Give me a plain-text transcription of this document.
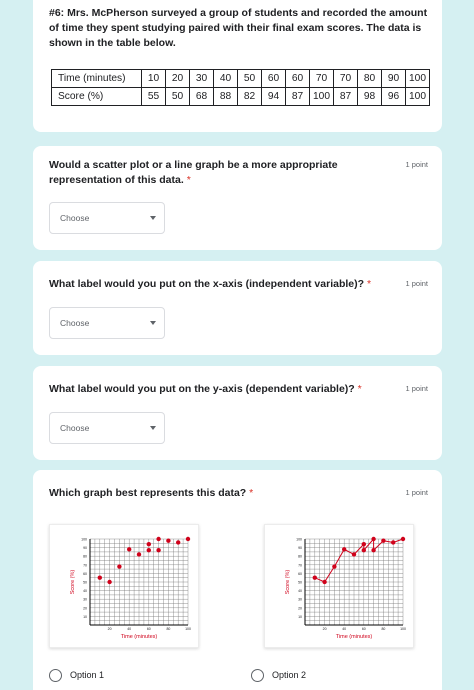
#6: Mrs. McPherson surveyed a group of students and recorded the amount of time they spent studying paired with their final exam scores. The data is shown in the table below.
Time (minutes)	10	20	30	40	50	60	60	70	70	80	90	100
Score (%)	55	50	68	88	82	94	87	100	87	98	96	100
Would a scatter plot or a line graph be a more appropriate representation of this data. *
1 point
Choose
What label would you put on the x-axis (independent variable)? *	1 point
Choose
What label would you put on the y-axis (dependent variable)? *	1 point
Choose
Which graph best represents this data? *	1 point
10
20
30
40
50
60
70
80
90
100
20	40	60	80	100
Time (minutes)
Score (%)
10
20
30
40
50
60
70
80
90
100
20	40	60	80	100
Time (minutes)
Score (%)
Option 1	Option 2
